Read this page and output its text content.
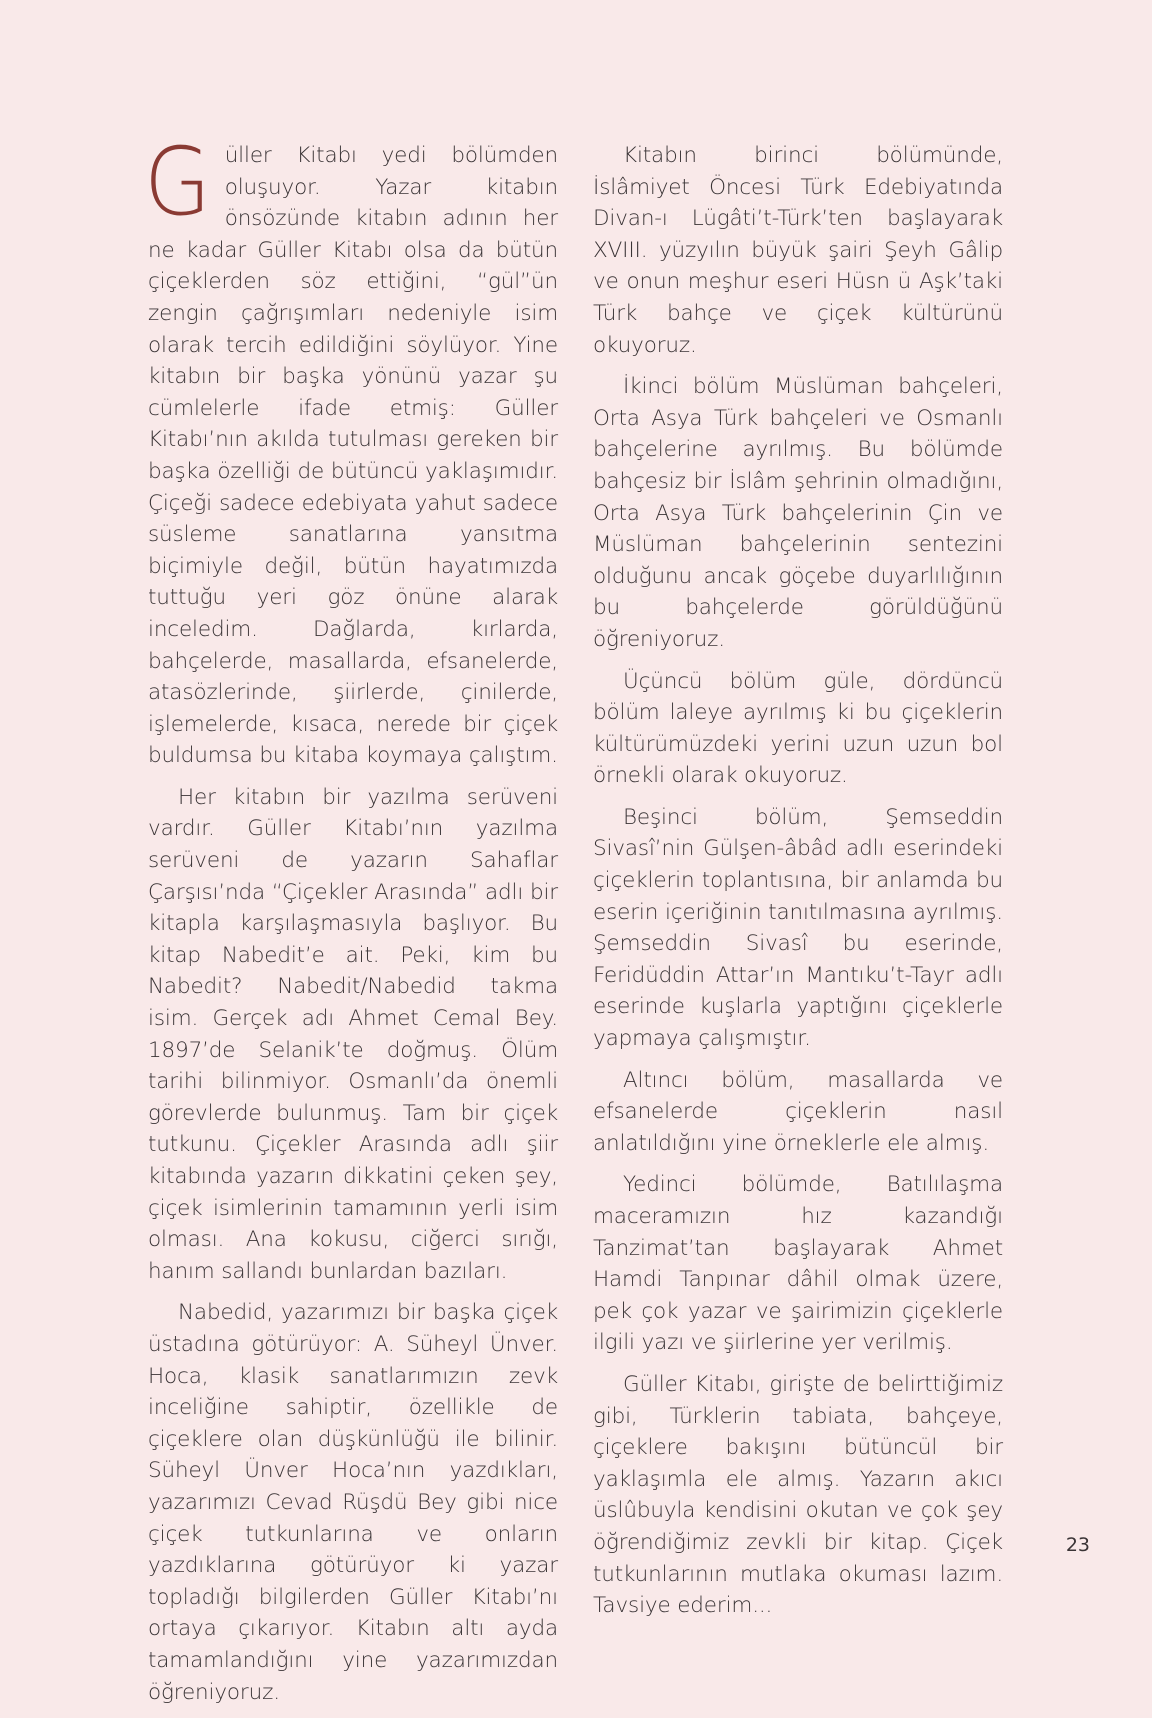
Güller Kitabı yedi bölümden oluşuyor. Yazar kitabın önsözünde kitabın adının her ne kadar Güller Kitabı olsa da bütün çiçeklerden söz ettiğini, “gül”ün zengin çağrışımları nedeniyle isim olarak tercih edildiğini söylüyor. Yine kitabın bir başka yönünü yazar şu cümlelerle ifade etmiş: Güller Kitabı’nın akılda tutulması gereken bir başka özelliği de bütüncü yaklaşımıdır. Çiçeği sadece edebiyata yahut sadece süsleme sanatlarına yansıtma biçimiyle değil, bütün hayatımızda tuttuğu yeri göz önüne alarak inceledim. Dağlarda, kırlarda, bahçelerde, masallarda, efsanelerde, atasözlerinde, şiirlerde, çinilerde, işlemelerde, kısaca, nerede bir çiçek buldumsa bu kitaba koymaya çalıştım.

Her kitabın bir yazılma serüveni vardır. Güller Kitabı’nın yazılma serüveni de yazarın Sahaflar Çarşısı’nda “Çiçekler Arasında” adlı bir kitapla karşılaşmasıyla başlıyor. Bu kitap Nabedit’e ait. Peki, kim bu Nabedit? Nabedit/Nabedid takma isim. Gerçek adı Ahmet Cemal Bey. 1897’de Selanik’te doğmuş. Ölüm tarihi bilinmiyor. Osmanlı’da önemli görevlerde bulunmuş. Tam bir çiçek tutkunu. Çiçekler Arasında adlı şiir kitabında yazarın dikkatini çeken şey, çiçek isimlerinin tamamının yerli isim olması. Ana kokusu, ciğerci sırığı, hanım sallandı bunlardan bazıları.

Nabedid, yazarımızı bir başka çiçek üstadına götürüyor: A. Süheyl Ünver. Hoca, klasik sanatlarımızın zevk inceliğine sahiptir, özellikle de çiçeklere olan düşkünlüğü ile bilinir. Süheyl Ünver Hoca’nın yazdıkları, yazarımızı Cevad Rüşdü Bey gibi nice çiçek tutkunlarına ve onların yazdıklarına götürüyor ki yazar topladığı bilgilerden Güller Kitabı’nı ortaya çıkarıyor. Kitabın altı ayda tamamlandığını yine yazarımızdan öğreniyoruz.

Kitabın birinci bölümünde, İslâmiyet Öncesi Türk Edebiyatında Divan-ı Lügâti’t-Türk’ten başlayarak XVIII. yüzyılın büyük şairi Şeyh Gâlip ve onun meşhur eseri Hüsn ü Aşk’taki Türk bahçe ve çiçek kültürünü okuyoruz.

İkinci bölüm Müslüman bahçeleri, Orta Asya Türk bahçeleri ve Osmanlı bahçelerine ayrılmış. Bu bölümde bahçesiz bir İslâm şehrinin olmadığını, Orta Asya Türk bahçelerinin Çin ve Müslüman bahçelerinin sentezini olduğunu ancak göçebe duyarlılığının bu bahçelerde görüldüğünü öğreniyoruz.

Üçüncü bölüm güle, dördüncü bölüm laleye ayrılmış ki bu çiçeklerin kültürümüzdeki yerini uzun uzun bol örnekli olarak okuyoruz.

Beşinci bölüm, Şemseddin Sivasî’nin Gülşen-âbâd adlı eserindeki çiçeklerin toplantısına, bir anlamda bu eserin içeriğinin tanıtılmasına ayrılmış. Şemseddin Sivasî bu eserinde, Feridüddin Attar’ın Mantıku’t-Tayr adlı eserinde kuşlarla yaptığını çiçeklerle yapmaya çalışmıştır.

Altıncı bölüm, masallarda ve efsanelerde çiçeklerin nasıl anlatıldığını yine örneklerle ele almış.

Yedinci bölümde, Batılılaşma maceramızın hız kazandığı Tanzimat’tan başlayarak Ahmet Hamdi Tanpınar dâhil olmak üzere, pek çok yazar ve şairimizin çiçeklerle ilgili yazı ve şiirlerine yer verilmiş.

Güller Kitabı, girişte de belirttiğimiz gibi, Türklerin tabiata, bahçeye, çiçeklere bakışını bütüncül bir yaklaşımla ele almış. Yazarın akıcı üslûbuyla kendisini okutan ve çok şey öğrendiğimiz zevkli bir kitap. Çiçek tutkunlarının mutlaka okuması lazım. Tavsiye ederim...

23
